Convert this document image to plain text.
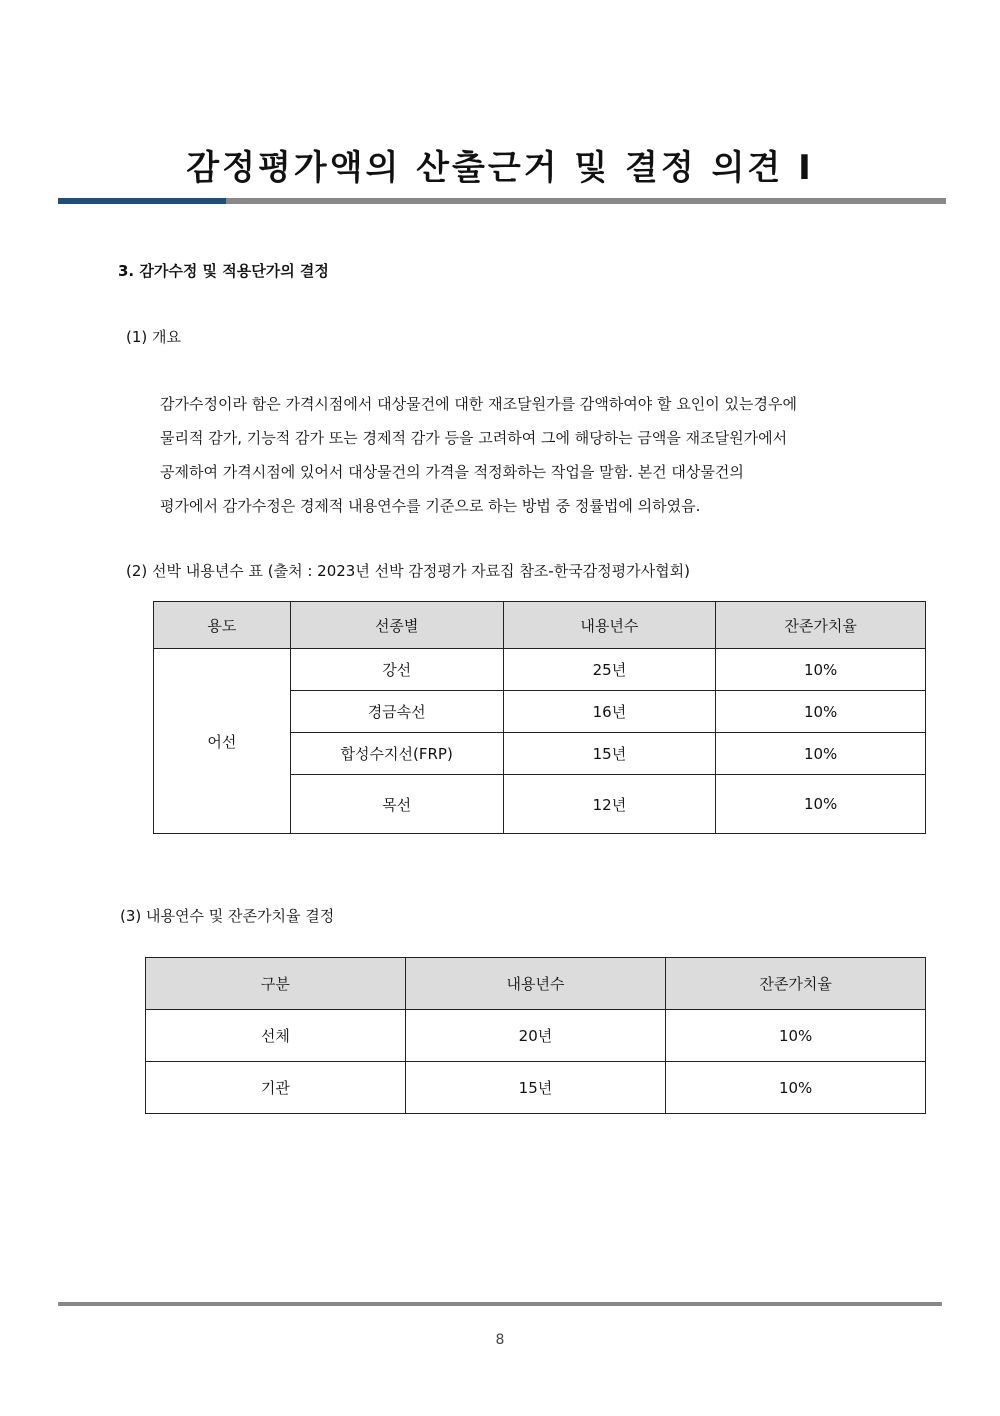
감정평가액의 산출근거 및 결정 의견 I
3. 감가수정 및 적용단가의 결정
(1) 개요
감가수정이라 함은 가격시점에서 대상물건에 대한 재조달원가를 감액하여야 할 요인이 있는경우에
물리적 감가, 기능적 감가 또는 경제적 감가 등을 고려하여 그에 해당하는 금액을 재조달원가에서
공제하여 가격시점에 있어서 대상물건의 가격을 적정화하는 작업을 말함. 본건 대상물건의
평가에서 감가수정은 경제적 내용연수를 기준으로 하는 방법 중 정률법에 의하였음.
(2) 선박 내용년수 표 (출처 : 2023년 선박 감정평가 자료집 참조-한국감정평가사협회)
용도	선종별	내용년수	잔존가치율
어선	강선	25년	10%
	경금속선	16년	10%
	합성수지선(FRP)	15년	10%
	목선	12년	10%
(3) 내용연수 및 잔존가치율 결정
구분	내용년수	잔존가치율
선체	20년	10%
기관	15년	10%
8
